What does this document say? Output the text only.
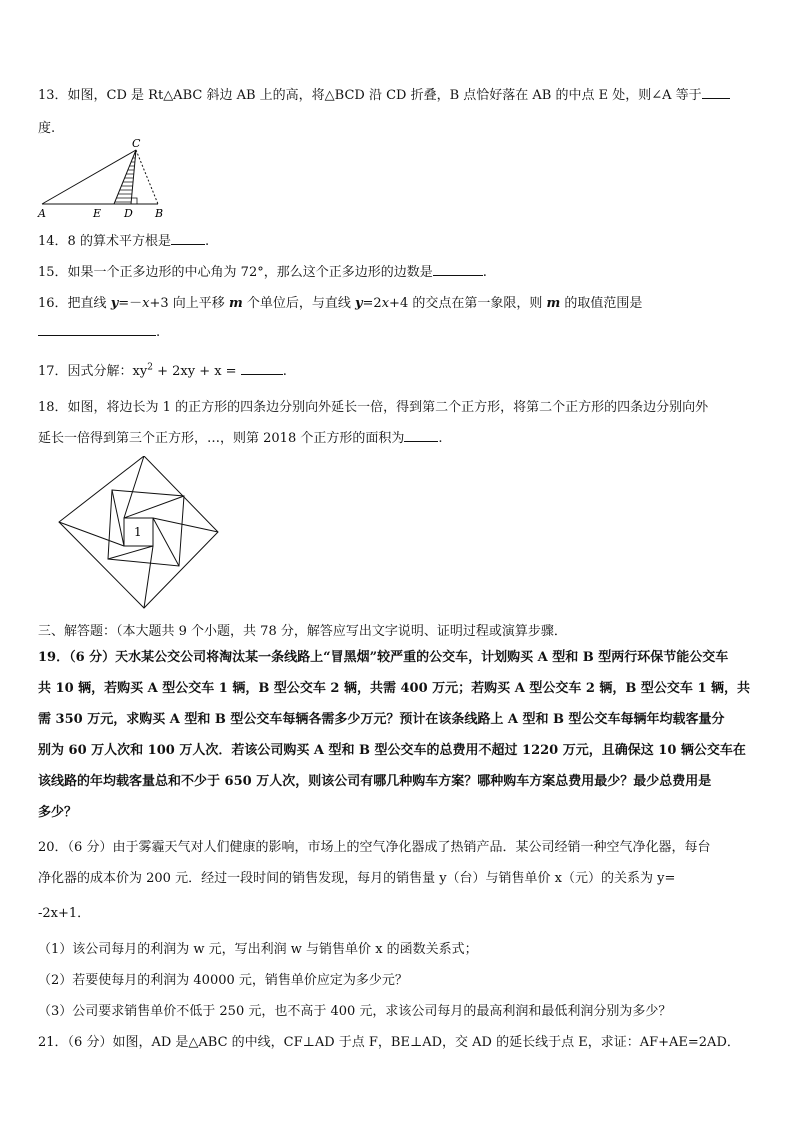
13．如图，CD 是 Rt△ABC 斜边 AB 上的高，将△BCD 沿 CD 折叠，B 点恰好落在 AB 的中点 E 处，则∠A 等于
度.
C
A	E D B
14．8 的算术平方根是	.
15．如果一个正多边形的中心角为 72°，那么这个正多边形的边数是	.
16．把直线 y=－x+3 向上平移 m 个单位后，与直线 y=2x+4 的交点在第一象限，则 m 的取值范围是
.
17．因式分解：$xy^2 + 2xy + x$ =	.
18．如图，将边长为 1 的正方形的四条边分别向外延长一倍，得到第二个正方形，将第二个正方形的四条边分别向外
延长一倍得到第三个正方形，…，则第 2018 个正方形的面积为	.
1
三、解答题：（本大题共 9 个小题，共 78 分，解答应写出文字说明、证明过程或演算步骤．
19．（6 分）天水某公交公司将淘汰某一条线路上“冒黑烟”较严重的公交车，计划购买 A 型和 B 型两行环保节能公交车
共 10 辆，若购买 A 型公交车 1 辆，B 型公交车 2 辆，共需 400 万元；若购买 A 型公交车 2 辆，B 型公交车 1 辆，共
需 350 万元，求购买 A 型和 B 型公交车每辆各需多少万元？预计在该条线路上 A 型和 B 型公交车每辆年均载客量分
别为 60 万人次和 100 万人次．若该公司购买 A 型和 B 型公交车的总费用不超过 1220 万元，且确保这 10 辆公交车在
该线路的年均载客量总和不少于 650 万人次，则该公司有哪几种购车方案？哪种购车方案总费用最少？最少总费用是
多少？
20．（6 分）由于雾霾天气对人们健康的影响，市场上的空气净化器成了热销产品．某公司经销一种空气净化器，每台
净化器的成本价为 200 元．经过一段时间的销售发现，每月的销售量 y（台）与销售单价 x（元）的关系为 y=
-2x+1．
（1）该公司每月的利润为 w 元，写出利润 w 与销售单价 x 的函数关系式；
（2）若要使每月的利润为 40000 元，销售单价应定为多少元？
（3）公司要求销售单价不低于 250 元，也不高于 400 元，求该公司每月的最高利润和最低利润分别为多少？
21．（6 分）如图，AD 是△ABC 的中线，CF⊥AD 于点 F，BE⊥AD，交 AD 的延长线于点 E，求证：AF+AE=2AD．
